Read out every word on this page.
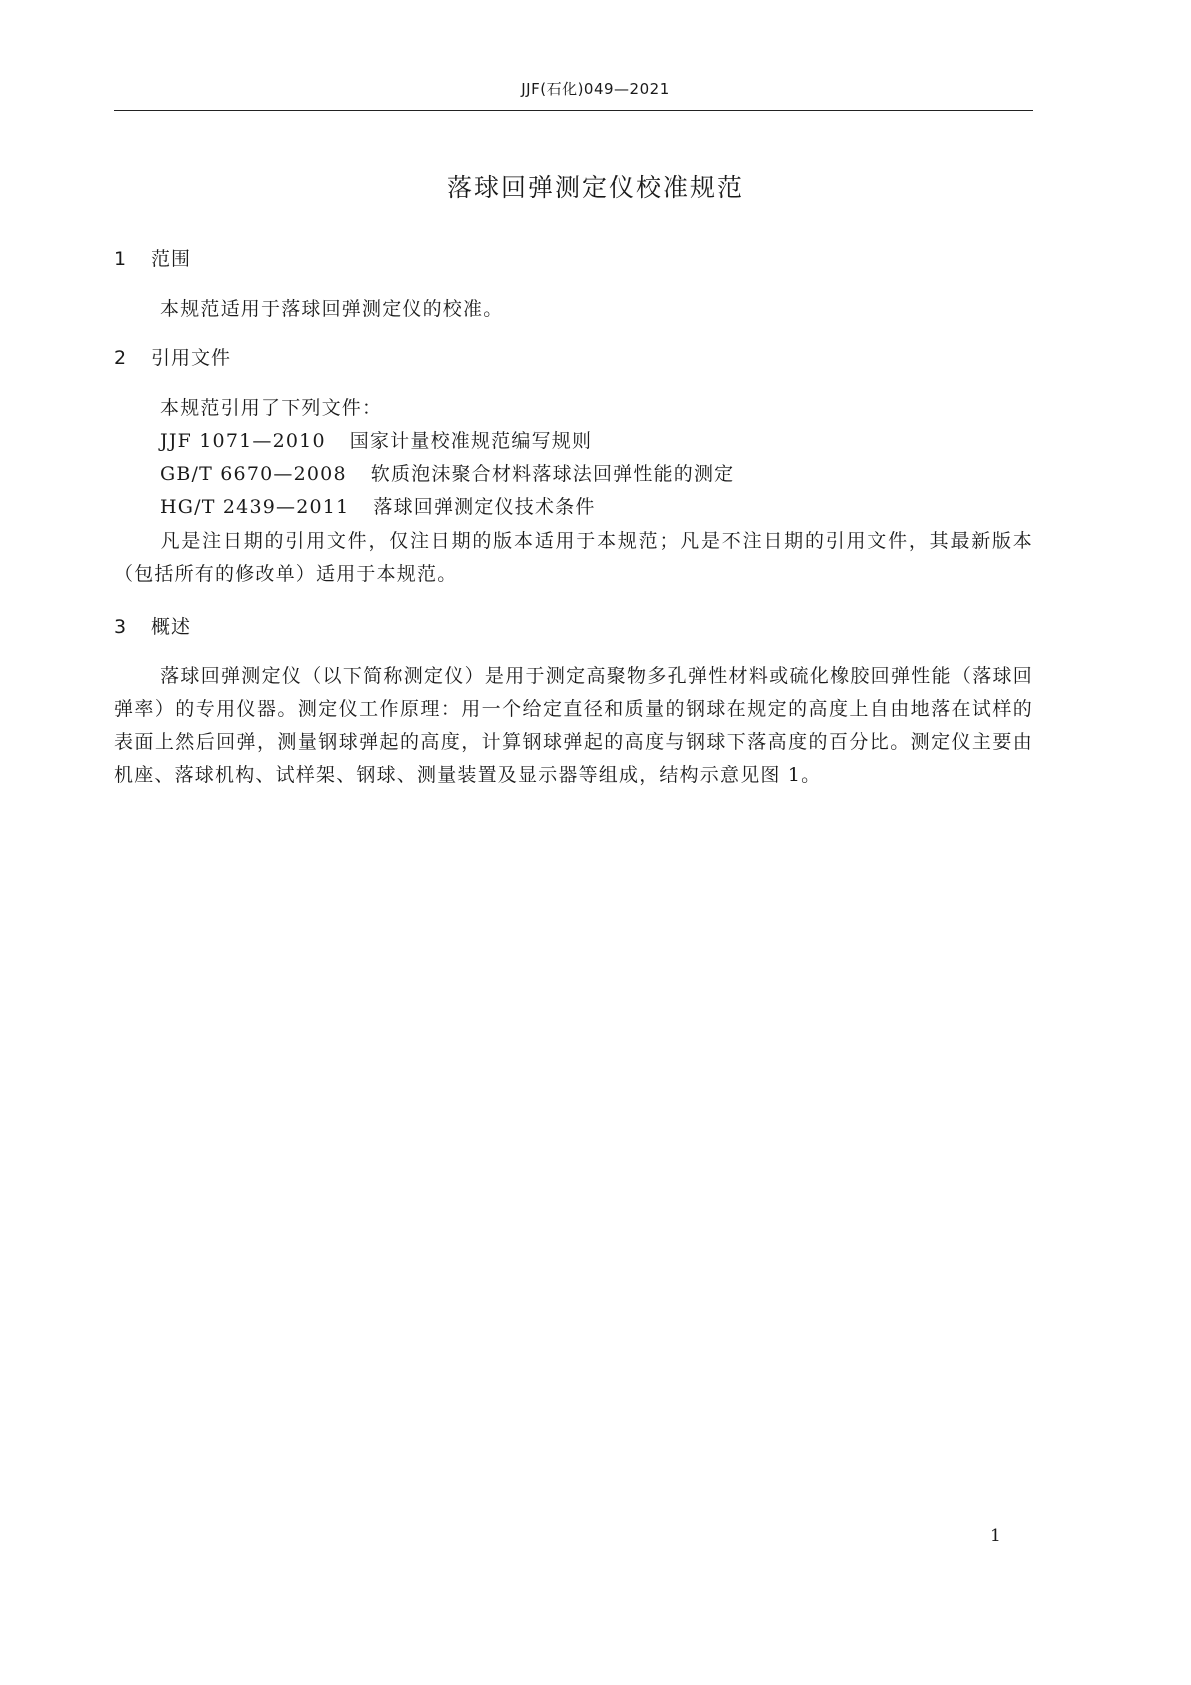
JJF(石化)049—2021
落球回弹测定仪校准规范
1 范围
本规范适用于落球回弹测定仪的校准。
2 引用文件
本规范引用了下列文件：
JJF 1071—2010 国家计量校准规范编写规则
GB/T 6670—2008 软质泡沫聚合材料落球法回弹性能的测定
HG/T 2439—2011 落球回弹测定仪技术条件
凡是注日期的引用文件，仅注日期的版本适用于本规范；凡是不注日期的引用文件，其最新版本（包括所有的修改单）适用于本规范。
3 概述
落球回弹测定仪（以下简称测定仪）是用于测定高聚物多孔弹性材料或硫化橡胶回弹性能（落球回弹率）的专用仪器。测定仪工作原理：用一个给定直径和质量的钢球在规定的高度上自由地落在试样的表面上然后回弹，测量钢球弹起的高度，计算钢球弹起的高度与钢球下落高度的百分比。测定仪主要由机座、落球机构、试样架、钢球、测量装置及显示器等组成，结构示意见图 1。
1
